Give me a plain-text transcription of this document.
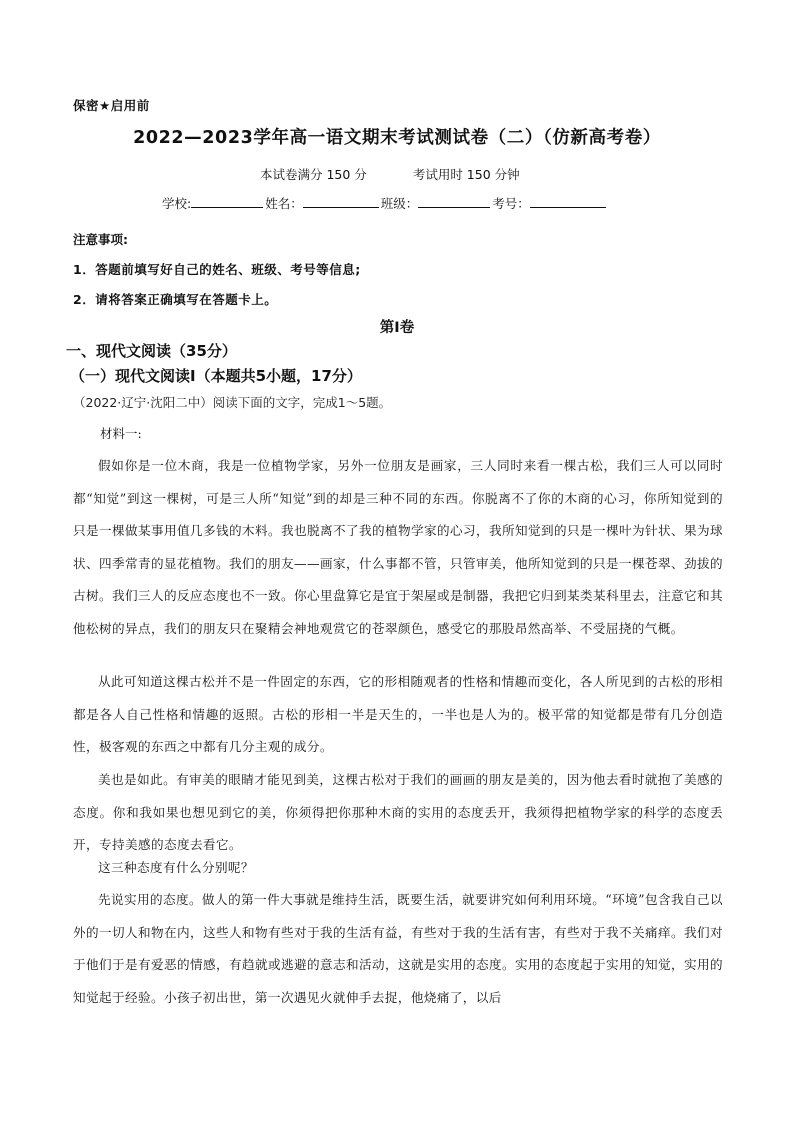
保密★启用前
2022—2023学年高一语文期末考试测试卷（二）（仿新高考卷）
本试卷满分 150 分	考试用时 150 分钟
学校:	姓名：	班级：	考号：
注意事项:
1．答题前填写好自己的姓名、班级、考号等信息;
2．请将答案正确填写在答题卡上。
第I卷
一、现代文阅读（35分）
（一）现代文阅读I（本题共5小题，17分）
（2022·辽宁·沈阳二中）阅读下面的文字，完成1～5题。
材料一:
假如你是一位木商，我是一位植物学家，另外一位朋友是画家，三人同时来看一棵古松，我们三人可以同时都“知觉”到这一棵树，可是三人所“知觉”到的却是三种不同的东西。你脱离不了你的木商的心习，你所知觉到的只是一棵做某事用值几多钱的木料。我也脱离不了我的植物学家的心习，我所知觉到的只是一棵叶为针状、果为球状、四季常青的显花植物。我们的朋友——画家，什么事都不管，只管审美，他所知觉到的只是一棵苍翠、劲拔的古树。我们三人的反应态度也不一致。你心里盘算它是宜于架屋或是制器，我把它归到某类某科里去，注意它和其他松树的异点，我们的朋友只在聚精会神地观赏它的苍翠颜色，感受它的那股昂然高举、不受屈挠的气概。
从此可知道这棵古松并不是一件固定的东西，它的形相随观者的性格和情趣而变化，各人所见到的古松的形相都是各人自己性格和情趣的返照。古松的形相一半是天生的，一半也是人为的。极平常的知觉都是带有几分创造性，极客观的东西之中都有几分主观的成分。
美也是如此。有审美的眼睛才能见到美，这棵古松对于我们的画画的朋友是美的，因为他去看时就抱了美感的态度。你和我如果也想见到它的美，你须得把你那种木商的实用的态度丢开，我须得把植物学家的科学的态度丢开，专持美感的态度去看它。
这三种态度有什么分别呢？
先说实用的态度。做人的第一件大事就是维持生活，既要生活，就要讲究如何利用环境。“环境”包含我自己以外的一切人和物在内，这些人和物有些对于我的生活有益，有些对于我的生活有害，有些对于我不关痛痒。我们对于他们于是有爱恶的情感，有趋就或逃避的意志和活动，这就是实用的态度。实用的态度起于实用的知觉，实用的知觉起于经验。小孩子初出世，第一次遇见火就伸手去捉，他烧痛了，以后
